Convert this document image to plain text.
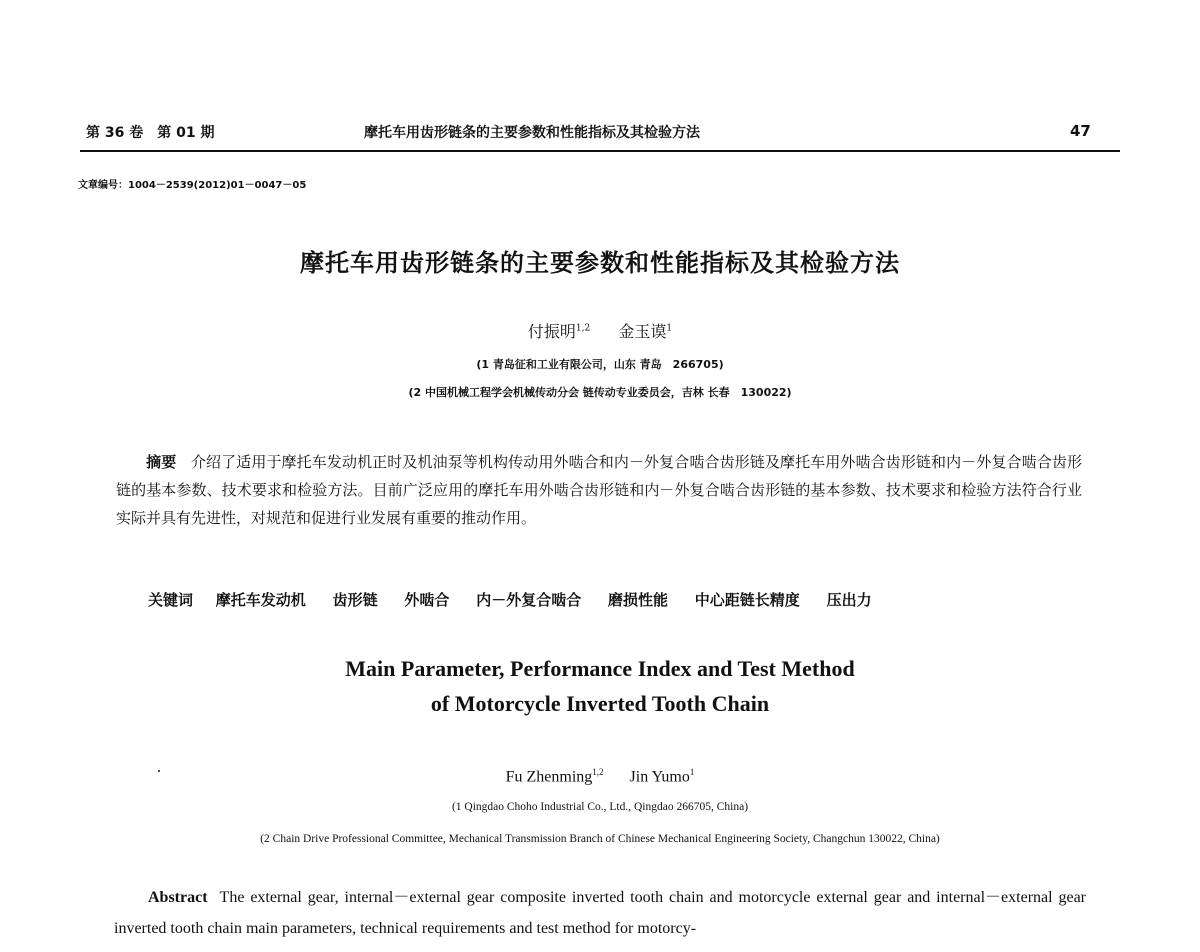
第 36 卷　第 01 期	摩托车用齿形链条的主要参数和性能指标及其检验方法	47
文章编号：1004－2539(2012)01－0047－05
摩托车用齿形链条的主要参数和性能指标及其检验方法
付振明$^{1,2}$ 金玉谟$^1$
(1 青岛征和工业有限公司，山东 青岛　266705)
(2 中国机械工程学会机械传动分会 链传动专业委员会，吉林 长春　130022)
摘要 介绍了适用于摩托车发动机正时及机油泵等机构传动用外啮合和内－外复合啮合齿形链及摩托车用外啮合齿形链和内－外复合啮合齿形链的基本参数、技术要求和检验方法。目前广泛应用的摩托车用外啮合齿形链和内－外复合啮合齿形链的基本参数、技术要求和检验方法符合行业实际并具有先进性，对规范和促进行业发展有重要的推动作用。
关键词 摩托车发动机 齿形链 外啮合 内－外复合啮合 磨损性能 中心距链长精度 压出力
Main Parameter, Performance Index and Test Method
of Motorcycle Inverted Tooth Chain
Fu Zhenming$^{1,2}$ Jin Yumo$^1$
(1 Qingdao Choho Industrial Co., Ltd., Qingdao 266705, China)
(2 Chain Drive Professional Committee, Mechanical Transmission Branch of Chinese Mechanical Engineering Society, Changchun 130022, China)
Abstract The external gear, internal－external gear composite inverted tooth chain and motorcycle external gear and internal－external gear inverted tooth chain main parameters, technical requirements and test method for motorcy-
